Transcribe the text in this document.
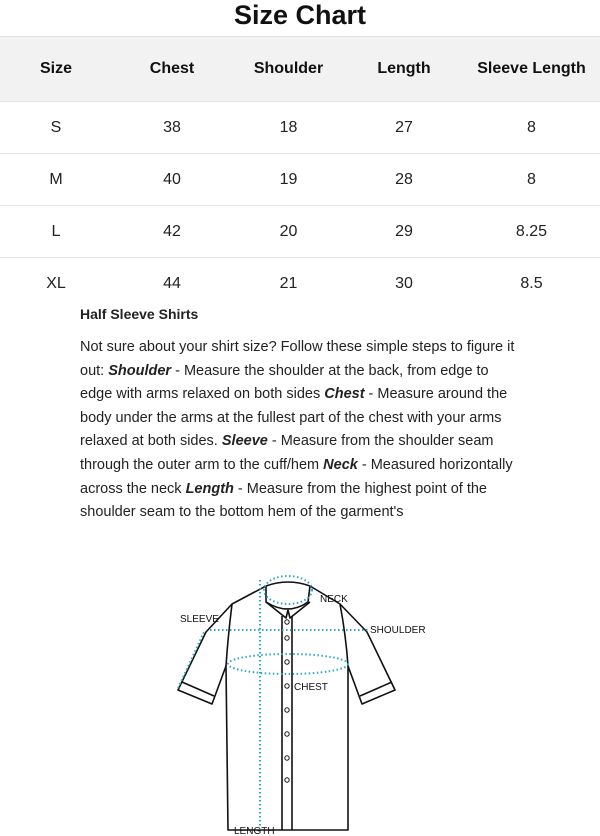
Size Chart
Size	Chest	Shoulder	Length	Sleeve Length
S	38	18	27	8
M	40	19	28	8
L	42	20	29	8.25
XL	44	21	30	8.5
Half Sleeve Shirts

Not sure about your shirt size? Follow these simple steps to figure it out: Shoulder - Measure the shoulder at the back, from edge to edge with arms relaxed on both sides Chest - Measure around the body under the arms at the fullest part of the chest with your arms relaxed at both sides. Sleeve - Measure from the shoulder seam through the outer arm to the cuff/hem Neck - Measured horizontally across the neck Length - Measure from the highest point of the shoulder seam to the bottom hem of the garment's

NECK
SLEEVE
SHOULDER
CHEST
LENGTH
